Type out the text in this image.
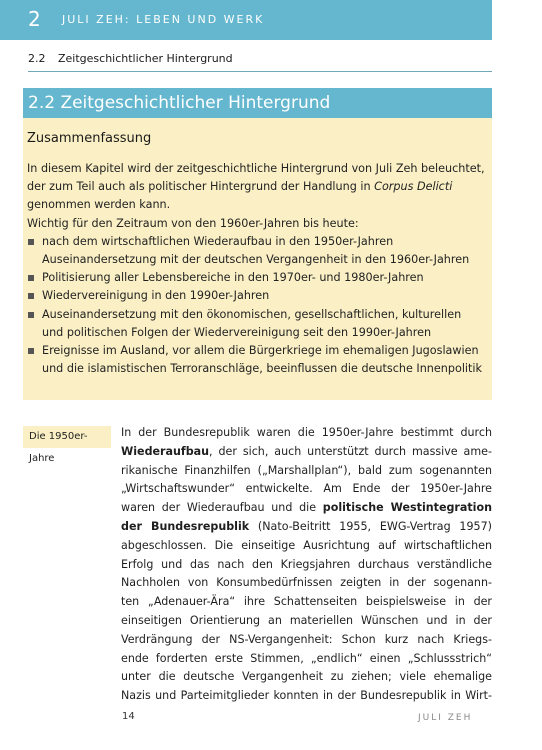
2 JULI ZEH: LEBEN UND WERK
2.2 Zeitgeschichtlicher Hintergrund
2.2 Zeitgeschichtlicher Hintergrund
Zusammenfassung

In diesem Kapitel wird der zeitgeschichtliche Hintergrund von Juli Zeh beleuchtet, der zum Teil auch als politischer Hintergrund der Handlung in Corpus Delicti genommen werden kann.

Wichtig für den Zeitraum von den 1960er-Jahren bis heute:

nach dem wirtschaftlichen Wiederaufbau in den 1950er-Jahren Auseinandersetzung mit der deutschen Vergangenheit in den 1960er-Jahren
Politisierung aller Lebensbereiche in den 1970er- und 1980er-Jahren
Wiedervereinigung in den 1990er-Jahren
Auseinandersetzung mit den ökonomischen, gesellschaftlichen, kulturellen und politischen Folgen der Wiedervereinigung seit den 1990er-Jahren
Ereignisse im Ausland, vor allem die Bürgerkriege im ehemaligen Jugoslawien und die islamistischen Terroranschläge, beeinflussen die deutsche Innenpolitik
Die 1950er-Jahre
In der Bundesrepublik waren die 1950er-Jahre bestimmt durch
Wiederaufbau, der sich, auch unterstützt durch massive ame-
rikanische Finanzhilfen („Marshallplan“), bald zum sogenannten
„Wirtschaftswunder“ entwickelte. Am Ende der 1950er-Jahre
waren der Wiederaufbau und die politische Westintegration
der Bundesrepublik (Nato-Beitritt 1955, EWG-Vertrag 1957)
abgeschlossen. Die einseitige Ausrichtung auf wirtschaftlichen
Erfolg und das nach den Kriegsjahren durchaus verständliche
Nachholen von Konsumbedürfnissen zeigten in der sogenann-
ten „Adenauer-Ära“ ihre Schattenseiten beispielsweise in der
einseitigen Orientierung an materiellen Wünschen und in der
Verdrängung der NS-Vergangenheit: Schon kurz nach Kriegs-
ende forderten erste Stimmen, „endlich“ einen „Schlussstrich“
unter die deutsche Vergangenheit zu ziehen; viele ehemalige
Nazis und Parteimitglieder konnten in der Bundesrepublik in Wirt-
14	JULI ZEH
